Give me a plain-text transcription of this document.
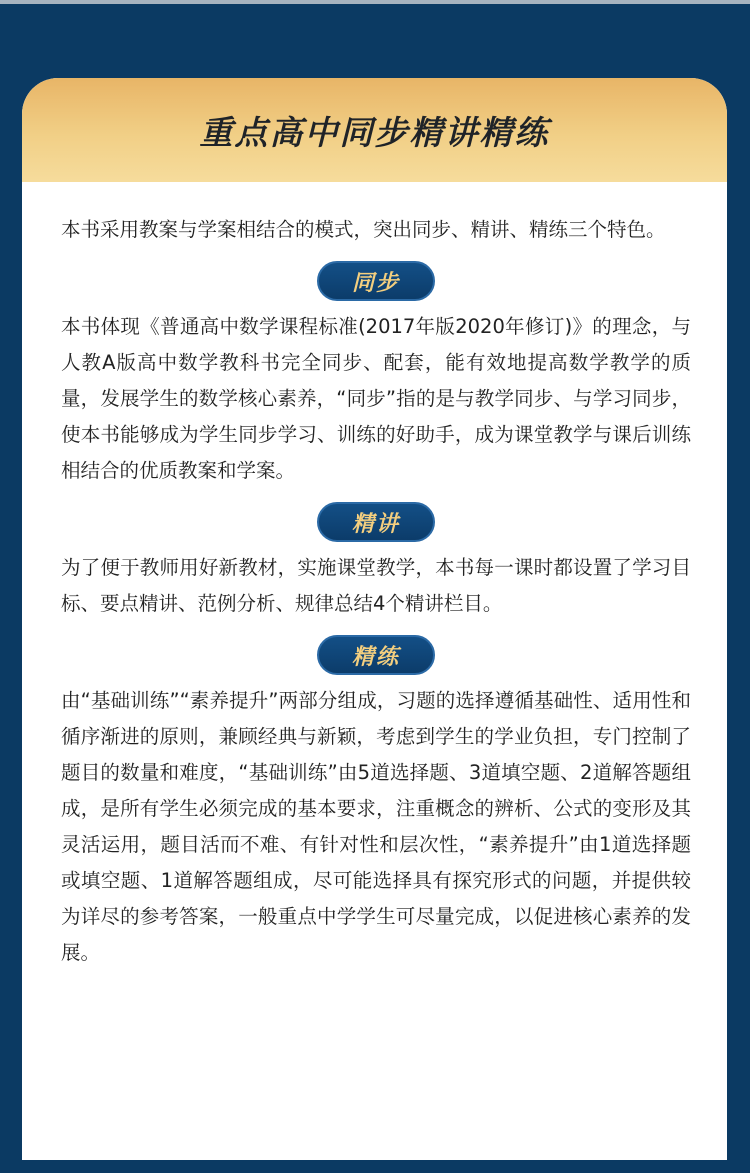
重点高中同步精讲精练

本书采用教案与学案相结合的模式，突出同步、精讲、精练三个特色。

同步

本书体现《普通高中数学课程标准(2017年版2020年修订)》的理念，与人教A版高中数学教科书完全同步、配套，能有效地提高数学教学的质量，发展学生的数学核心素养，“同步”指的是与教学同步、与学习同步，使本书能够成为学生同步学习、训练的好助手，成为课堂教学与课后训练相结合的优质教案和学案。

精讲

为了便于教师用好新教材，实施课堂教学，本书每一课时都设置了学习目标、要点精讲、范例分析、规律总结4个精讲栏目。

精练

由“基础训练”“素养提升”两部分组成，习题的选择遵循基础性、适用性和循序渐进的原则，兼顾经典与新颖，考虑到学生的学业负担，专门控制了题目的数量和难度，“基础训练”由5道选择题、3道填空题、2道解答题组成，是所有学生必须完成的基本要求，注重概念的辨析、公式的变形及其灵活运用，题目活而不难、有针对性和层次性，“素养提升”由1道选择题或填空题、1道解答题组成，尽可能选择具有探究形式的问题，并提供较为详尽的参考答案，一般重点中学学生可尽量完成，以促进核心素养的发展。
